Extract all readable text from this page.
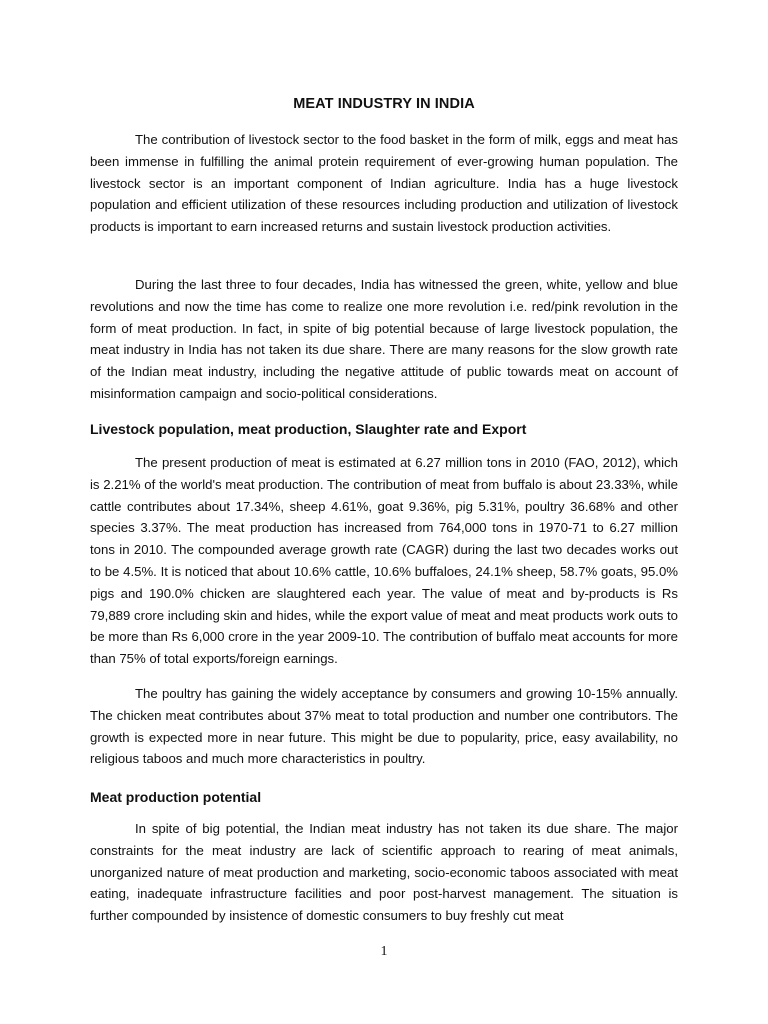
MEAT INDUSTRY IN INDIA

The contribution of livestock sector to the food basket in the form of milk, eggs and meat has been immense in fulfilling the animal protein requirement of ever-growing human population. The livestock sector is an important component of Indian agriculture. India has a huge livestock population and efficient utilization of these resources including production and utilization of livestock products is important to earn increased returns and sustain livestock production activities.

During the last three to four decades, India has witnessed the green, white, yellow and blue revolutions and now the time has come to realize one more revolution i.e. red/pink revolution in the form of meat production. In fact, in spite of big potential because of large livestock population, the meat industry in India has not taken its due share. There are many reasons for the slow growth rate of the Indian meat industry, including the negative attitude of public towards meat on account of misinformation campaign and socio-political considerations.

Livestock population, meat production, Slaughter rate and Export

The present production of meat is estimated at 6.27 million tons in 2010 (FAO, 2012), which is 2.21% of the world's meat production. The contribution of meat from buffalo is about 23.33%, while cattle contributes about 17.34%, sheep 4.61%, goat 9.36%, pig 5.31%, poultry 36.68% and other species 3.37%. The meat production has increased from 764,000 tons in 1970-71 to 6.27 million tons in 2010. The compounded average growth rate (CAGR) during the last two decades works out to be 4.5%. It is noticed that about 10.6% cattle, 10.6% buffaloes, 24.1% sheep, 58.7% goats, 95.0% pigs and 190.0% chicken are slaughtered each year. The value of meat and by-products is Rs 79,889 crore including skin and hides, while the export value of meat and meat products work outs to be more than Rs 6,000 crore in the year 2009-10. The contribution of buffalo meat accounts for more than 75% of total exports/foreign earnings.

The poultry has gaining the widely acceptance by consumers and growing 10-15% annually. The chicken meat contributes about 37% meat to total production and number one contributors. The growth is expected more in near future. This might be due to popularity, price, easy availability, no religious taboos and much more characteristics in poultry.

Meat production potential

In spite of big potential, the Indian meat industry has not taken its due share. The major constraints for the meat industry are lack of scientific approach to rearing of meat animals, unorganized nature of meat production and marketing, socio-economic taboos associated with meat eating, inadequate infrastructure facilities and poor post-harvest management. The situation is further compounded by insistence of domestic consumers to buy freshly cut meat

1
